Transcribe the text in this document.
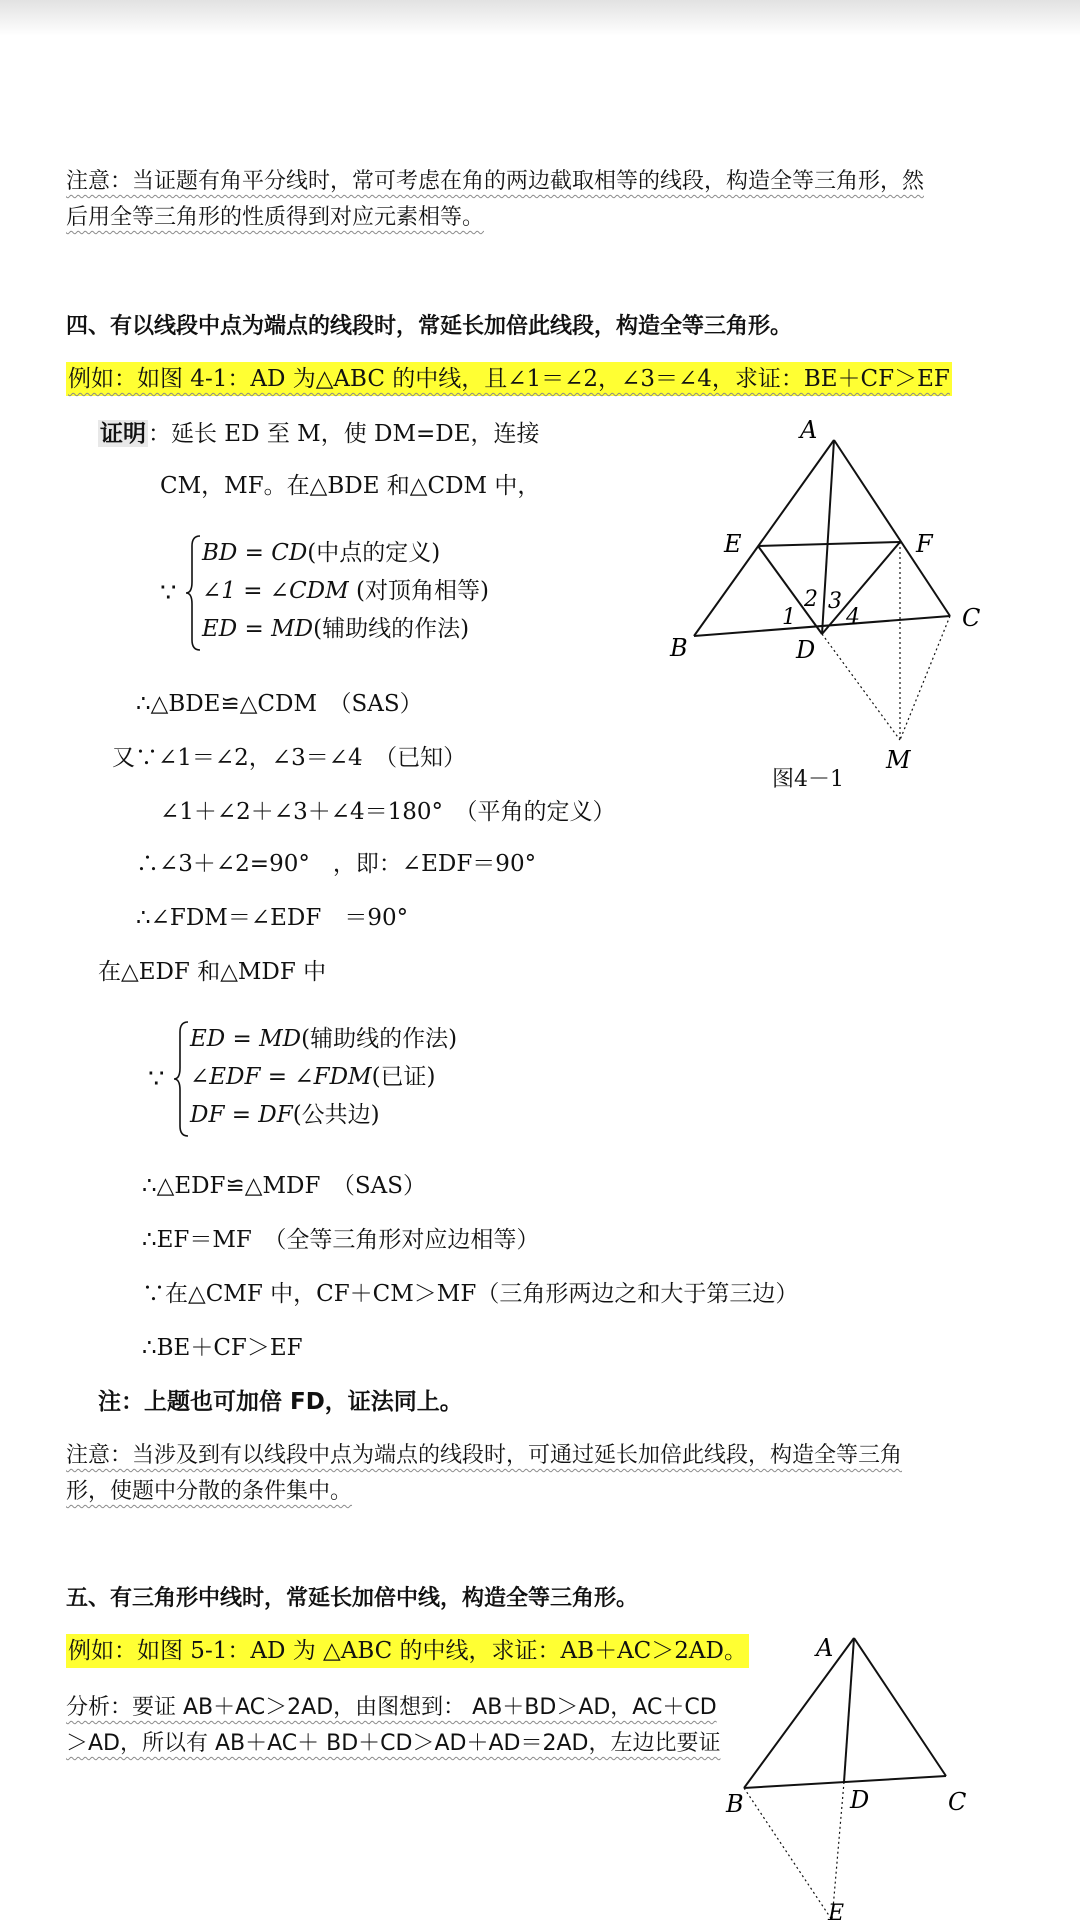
注意：当证题有角平分线时，常可考虑在角的两边截取相等的线段，构造全等三角形，然
后用全等三角形的性质得到对应元素相等。
四、有以线段中点为端点的线段时，常延长加倍此线段，构造全等三角形。
例如：如图 4-1：AD 为△ABC 的中线，且∠1＝∠2，∠3＝∠4，求证：BE＋CF＞EF
证明：延长 ED 至 M，使 DM=DE，连接
CM，MF。在△BDE 和△CDM 中，
∵
BD = CD(中点的定义)
∠1 = ∠CDM (对顶角相等)
ED = MD(辅助线的作法)
∴△BDE≌△CDM　（SAS）
又∵∠1＝∠2，∠3＝∠4　（已知）
∠1＋∠2＋∠3＋∠4＝180°　（平角的定义）
∴∠3＋∠2=90°　，即：∠EDF＝90°
∴∠FDM＝∠EDF　＝90°
在△EDF 和△MDF 中
∵
ED = MD(辅助线的作法)
∠EDF = ∠FDM(已证)
DF = DF(公共边)
∴△EDF≌△MDF　（SAS）
∴EF＝MF　（全等三角形对应边相等）
∵在△CMF 中，CF＋CM＞MF（三角形两边之和大于第三边）
∴BE＋CF＞EF
注：上题也可加倍 FD，证法同上。
A
B
C
D
E	F
M
1
2 3
4
图4－1
注意：当涉及到有以线段中点为端点的线段时，可通过延长加倍此线段，构造全等三角
形，使题中分散的条件集中。
五、有三角形中线时，常延长加倍中线，构造全等三角形。
例如：如图 5-1：AD 为 △ABC 的中线，求证：AB＋AC＞2AD。
分析：要证 AB＋AC＞2AD，由图想到： AB＋BD＞AD，AC＋CD
＞AD，所以有 AB＋AC＋ BD＋CD＞AD＋AD＝2AD，左边比要证
A
B	C
D
E
